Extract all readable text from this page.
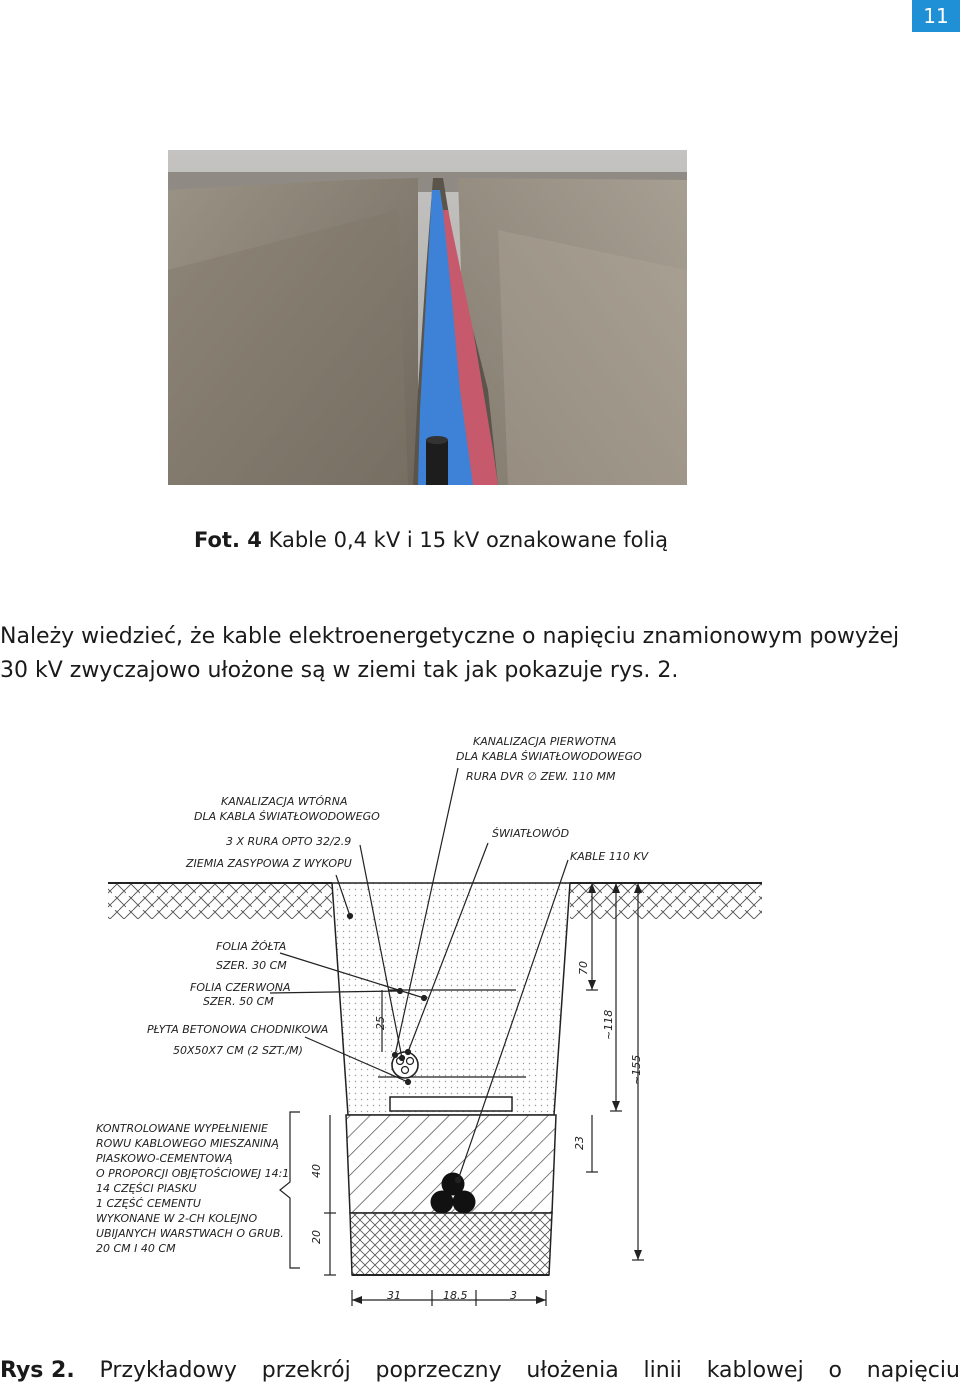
11
Fot. 4 Kable 0,4 kV i 15 kV oznakowane folią
Należy wiedzieć, że kable elektroenergetyczne o napięciu znamionowym powyżej
30 kV zwyczajowo ułożone są w ziemi tak jak pokazuje rys. 2.
KANALIZACJA PIERWOTNA
DLA KABLA ŚWIATŁOWODOWEGO
RURA DVR ∅ ZEW. 110 MM
KANALIZACJA WTÓRNA
DLA KABLA ŚWIATŁOWODOWEGO
3 X RURA OPTO 32/2.9
ZIEMIA ZASYPOWA Z WYKOPU
ŚWIATŁOWÓD
KABLE 110 KV
FOLIA ŻÓŁTA
SZER. 30 CM
FOLIA CZERWONA
SZER. 50 CM
PŁYTA BETONOWA CHODNIKOWA
50X50X7 CM (2 SZT./M)
KONTROLOWANE WYPEŁNIENIE
ROWU KABLOWEGO MIESZANINĄ
PIASKOWO-CEMENTOWĄ
O PROPORCJI OBJĘTOŚCIOWEJ 14:1
14 CZĘŚCI PIASKU
1 CZĘŚĆ CEMENTU
WYKONANE W 2-CH KOLEJNO
UBIJANYCH WARSTWACH O GRUB.
20 CM I 40 CM
70
~118
~155
25
23
40
20
31	18.5	3
Rys 2. Przykładowy przekrój poprzeczny ułożenia linii kablowej o napięciu
